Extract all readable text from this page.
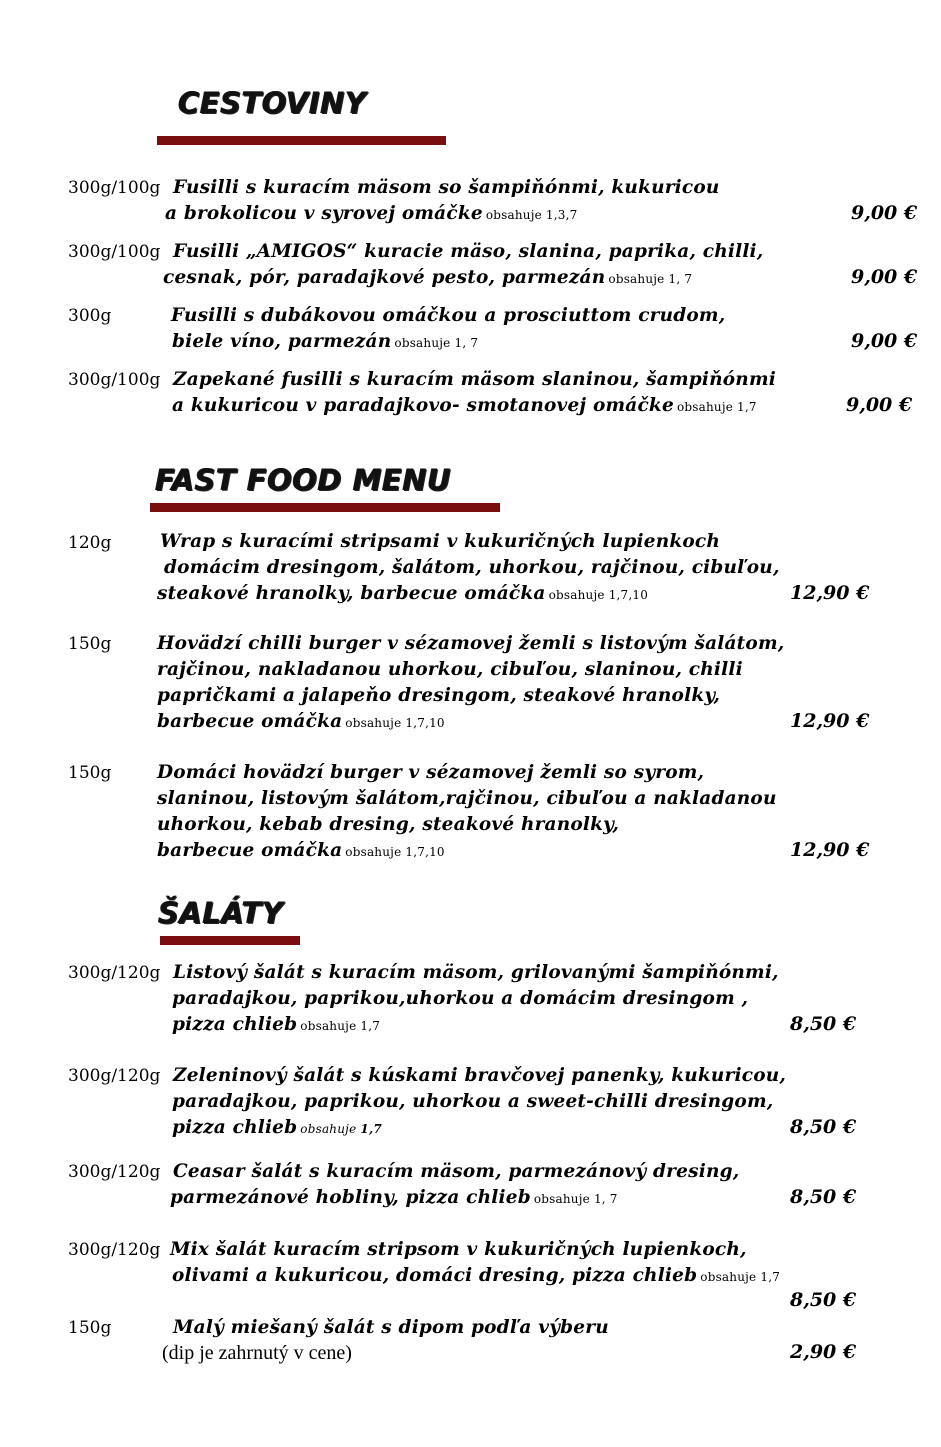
CESTOVINY
300g/100g Fusilli s kuracím mäsom so šampiňónmi, kukuricou
a brokolicou v syrovej omáčke obsahuje 1,3,7	9,00 €
300g/100g Fusilli „AMIGOS“ kuracie mäso, slanina, paprika, chilli,
cesnak, pór, paradajkové pesto, parmezán obsahuje 1, 7	9,00 €
300g	Fusilli s dubákovou omáčkou a prosciuttom crudom,
biele víno, parmezán obsahuje 1, 7	9,00 €
300g/100g Zapekané fusilli s kuracím mäsom slaninou, šampiňónmi
a kukuricou v paradajkovo- smotanovej omáčke obsahuje 1,7	9,00 €
FAST FOOD MENU
120g	Wrap s kuracími stripsami v kukuričných lupienkoch
domácim dresingom, šalátom, uhorkou, rajčinou, cibuľou,
steakové hranolky, barbecue omáčka obsahuje 1,7,10	12,90 €
150g Hovädzí chilli burger v sézamovej žemli s listovým šalátom,
rajčinou, nakladanou uhorkou, cibuľou, slaninou, chilli
papričkami a jalapeňo dresingom, steakové hranolky,
barbecue omáčka obsahuje 1,7,10	12,90 €
150g Domáci hovädzí burger v sézamovej žemli so syrom,
slaninou, listovým šalátom,rajčinou, cibuľou a nakladanou
uhorkou, kebab dresing, steakové hranolky,
barbecue omáčka obsahuje 1,7,10	12,90 €
ŠALÁTY
300g/120g Listový šalát s kuracím mäsom, grilovanými šampiňónmi,
paradajkou, paprikou,uhorkou a domácim dresingom ,
pizza chlieb obsahuje 1,7	8,50 €
300g/120g Zeleninový šalát s kúskami bravčovej panenky, kukuricou,
paradajkou, paprikou, uhorkou a sweet-chilli dresingom,
pizza chlieb obsahuje 1,7	8,50 €
300g/120g Ceasar šalát s kuracím mäsom, parmezánový dresing,
parmezánové hobliny, pizza chlieb obsahuje 1, 7	8,50 €
300g/120g Mix šalát kuracím stripsom v kukuričných lupienkoch,
olivami a kukuricou, domáci dresing, pizza chlieb obsahuje 1,7
8,50 €
150g	Malý miešaný šalát s dipom podľa výberu
(dip je zahrnutý v cene)	2,90 €
